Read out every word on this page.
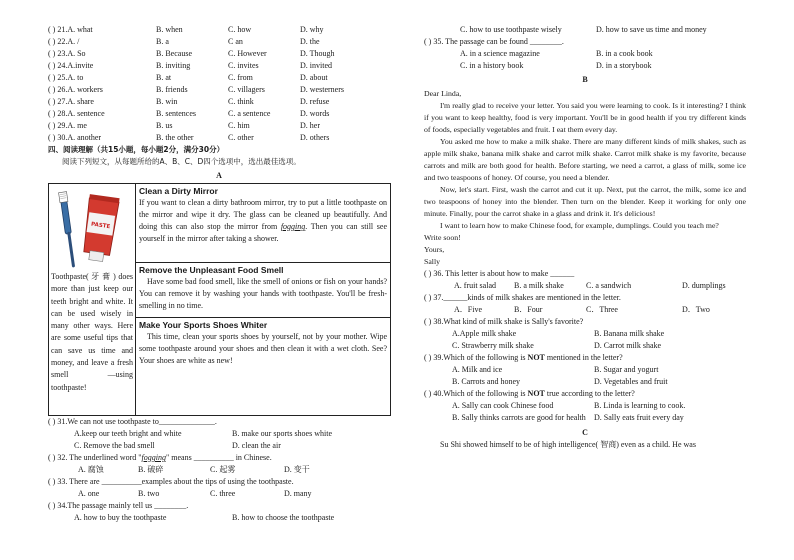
( ) 21.A. what	B. when	C. how	D. why
( ) 22.A. /	B. a	C an	D. the
( ) 23.A. So	B. Because	C. However	D. Though
( ) 24.A.invite	B. inviting	C. invites	D. invited
( ) 25.A. to	B. at	C. from	D. about
( ) 26.A. workers	B. friends	C. villagers	D. westerners
( ) 27.A. share	B. win	C. think	D. refuse
( ) 28.A. sentence	B. sentences	C. a sentence	D. words
( ) 29.A. me	B. us	C. him	D. her
( ) 30.A. another	B. the other	C. other	D. others
四、阅读理解（共15小题，每小题2分，满分30分）
阅读下列短文，从每题所给的A、B、C、D四个选项中，选出最佳选项。
A
PASTE
Toothpaste( 牙 膏 ) does more than just keep our teeth bright and white. It can be used wisely in many other ways. Here are some useful tips that can save us time and money, and leave a fresh smell —using toothpaste!
Clean a Dirty Mirror

If you want to clean a dirty bathroom mirror, try to put a little toothpaste on the mirror and wipe it dry. The glass can be cleaned up beautifully. And doing this can also stop the mirror from fogging. Then you can still see yourself in the mirror after taking a shower.

Remove the Unpleasant Food Smell

Have some bad food smell, like the smell of onions or fish on your hands? You can remove it by washing your hands with toothpaste. You'll be fresh-smelling in no time.

Make Your Sports Shoes Whiter

This time, clean your sports shoes by yourself, not by your mother. Wipe some toothpaste around your shoes and then clean it with a wet cloth. See? Your shoes are white as new!

( ) 31.We can not use toothpaste to______________.
A.keep our teeth bright and white	B. make our sports shoes white
C. Remove the bad smell	D. clean the air
( ) 32. The underlined word "fogging" means __________ in Chinese.
A. 腐蚀	B. 破碎	C. 起雾	D. 变干
( ) 33. There are __________examples about the tips of using the toothpaste.
A. one	B. two	C. three	D. many
( ) 34.The passage mainly tell us ________.
A. how to buy the toothpaste	B. how to choose the toothpaste
C. how to use toothpaste wisely	D. how to save us time and money
( ) 35. The passage can be found ________.
A. in a science magazine	B. in a cook book
C. in a history book	D. in a storybook
B

Dear Linda,

I'm really glad to receive your letter. You said you were learning to cook. Is it interesting? I think if you want to keep healthy, food is very important. You'll be in good health if you try different kinds of foods, especially vegetables and fruit. I eat them every day.

You asked me how to make a milk shake. There are many different kinds of milk shakes, such as apple milk shake, banana milk shake and carrot milk shake. Carrot milk shake is my favorite, because carrots and milk are both good for health. Before starting, we need a carrot, a glass of milk, some ice and two teaspoons of honey. Of course, you need a blender.

Now, let's start. First, wash the carrot and cut it up. Next, put the carrot, the milk, some ice and two teaspoons of honey into the blender. Then turn on the blender. Keep it working for only one minute. Finally, pour the carrot shake in a glass and drink it. It's delicious!

I want to learn how to make Chinese food, for example, dumplings. Could you teach me?

Write soon!

Yours,

Sally

( ) 36. This letter is about how to make ______
A. fruit salad B. a milk shake	C. a sandwich	D. dumplings
( ) 37.______kinds of milk shakes are mentioned in the letter.
A．Five	B．Four	C．Three	D．Two
( ) 38.What kind of milk shake is Sally's favorite?
A.Apple milk shake	B. Banana milk shake
C. Strawberry milk shake	D. Carrot milk shake
( ) 39.Which of the following is NOT mentioned in the letter?
A. Milk and ice	B. Sugar and yogurt
B. Carrots and honey	D. Vegetables and fruit
( ) 40.Which of the following is NOT true according to the letter?
A. Sally can cook Chinese food	B. Linda is learning to cook.
B. Sally thinks carrots are good for health D. Sally eats fruit every day
C

Su Shi showed himself to be of high intelligence( 智商) even as a child. He was
